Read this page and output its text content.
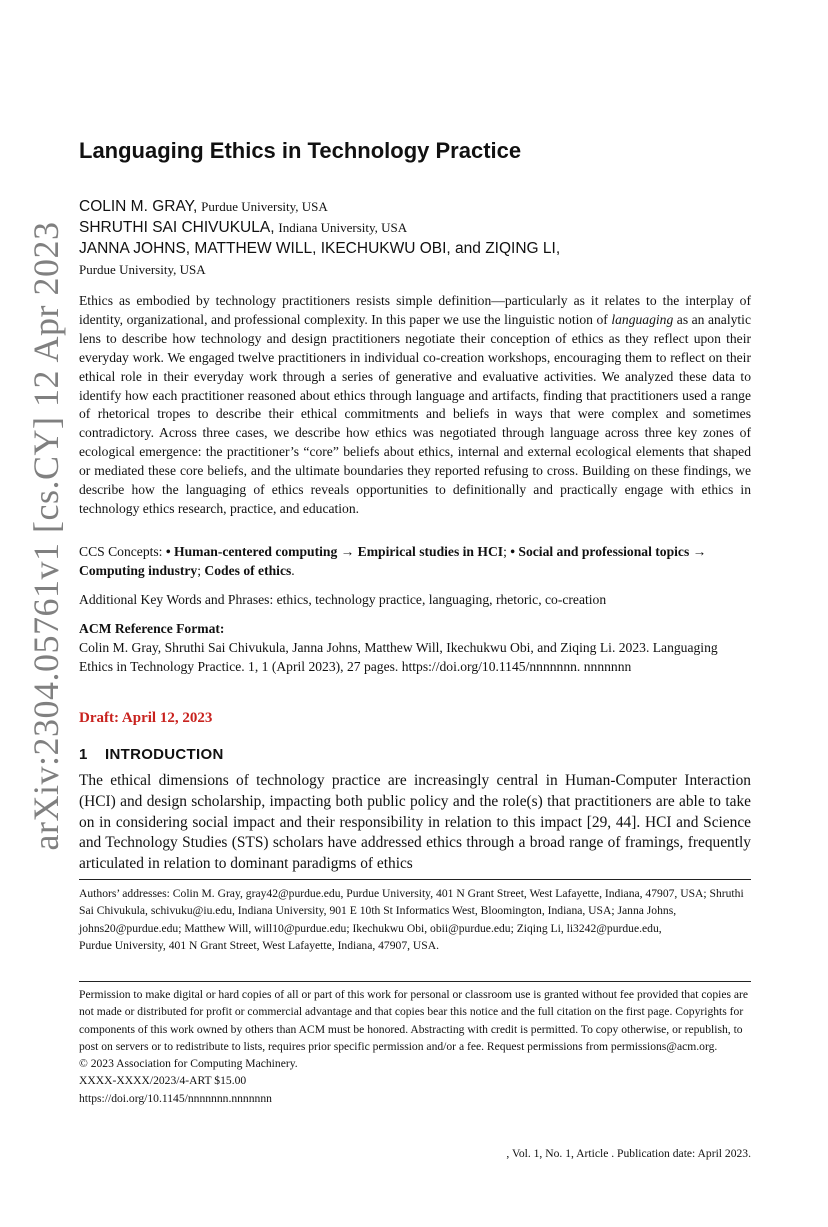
arXiv:2304.05761v1 [cs.CY] 12 Apr 2023
Languaging Ethics in Technology Practice
COLIN M. GRAY, Purdue University, USA
SHRUTHI SAI CHIVUKULA, Indiana University, USA
JANNA JOHNS, MATTHEW WILL, IKECHUKWU OBI, and ZIQING LI,
Purdue University, USA

Ethics as embodied by technology practitioners resists simple definition—particularly as it relates to the interplay of identity, organizational, and professional complexity. In this paper we use the linguistic notion of languaging as an analytic lens to describe how technology and design practitioners negotiate their conception of ethics as they reflect upon their everyday work. We engaged twelve practitioners in individual co-creation workshops, encouraging them to reflect on their ethical role in their everyday work through a series of generative and evaluative activities. We analyzed these data to identify how each practitioner reasoned about ethics through language and artifacts, finding that practitioners used a range of rhetorical tropes to describe their ethical commitments and beliefs in ways that were complex and sometimes contradictory. Across three cases, we describe how ethics was negotiated through language across three key zones of ecological emergence: the practitioner’s “core” beliefs about ethics, internal and external ecological elements that shaped or mediated these core beliefs, and the ultimate boundaries they reported refusing to cross. Building on these findings, we describe how the languaging of ethics reveals opportunities to definitionally and practically engage with ethics in technology ethics research, practice, and education.

CCS Concepts: • Human-centered computing → Empirical studies in HCI; • Social and professional topics → Computing industry; Codes of ethics.

Additional Key Words and Phrases: ethics, technology practice, languaging, rhetoric, co-creation

ACM Reference Format:
Colin M. Gray, Shruthi Sai Chivukula, Janna Johns, Matthew Will, Ikechukwu Obi, and Ziqing Li. 2023. Languaging Ethics in Technology Practice. 1, 1 (April 2023), 27 pages. https://doi.org/10.1145/nnnnnnn. nnnnnnn
Draft: April 12, 2023
1 INTRODUCTION

The ethical dimensions of technology practice are increasingly central in Human-Computer Interaction (HCI) and design scholarship, impacting both public policy and the role(s) that practitioners are able to take on in considering social impact and their responsibility in relation to this impact [29, 44]. HCI and Science and Technology Studies (STS) scholars have addressed ethics through a broad range of framings, frequently articulated in relation to dominant paradigms of ethics

Authors’ addresses: Colin M. Gray, gray42@purdue.edu, Purdue University, 401 N Grant Street, West Lafayette, Indiana, 47907, USA; Shruthi Sai Chivukula, schivuku@iu.edu, Indiana University, 901 E 10th St Informatics West, Bloomington, Indiana, USA; Janna Johns, johns20@purdue.edu; Matthew Will, will10@purdue.edu; Ikechukwu Obi, obii@purdue.edu; Ziqing Li, li3242@purdue.edu,
Purdue University, 401 N Grant Street, West Lafayette, Indiana, 47907, USA.
Permission to make digital or hard copies of all or part of this work for personal or classroom use is granted without fee provided that copies are not made or distributed for profit or commercial advantage and that copies bear this notice and the full citation on the first page. Copyrights for components of this work owned by others than ACM must be honored. Abstracting with credit is permitted. To copy otherwise, or republish, to post on servers or to redistribute to lists, requires prior specific permission and/or a fee. Request permissions from permissions@acm.org.
© 2023 Association for Computing Machinery.
XXXX-XXXX/2023/4-ART $15.00
https://doi.org/10.1145/nnnnnnn.nnnnnnn
, Vol. 1, No. 1, Article . Publication date: April 2023.
